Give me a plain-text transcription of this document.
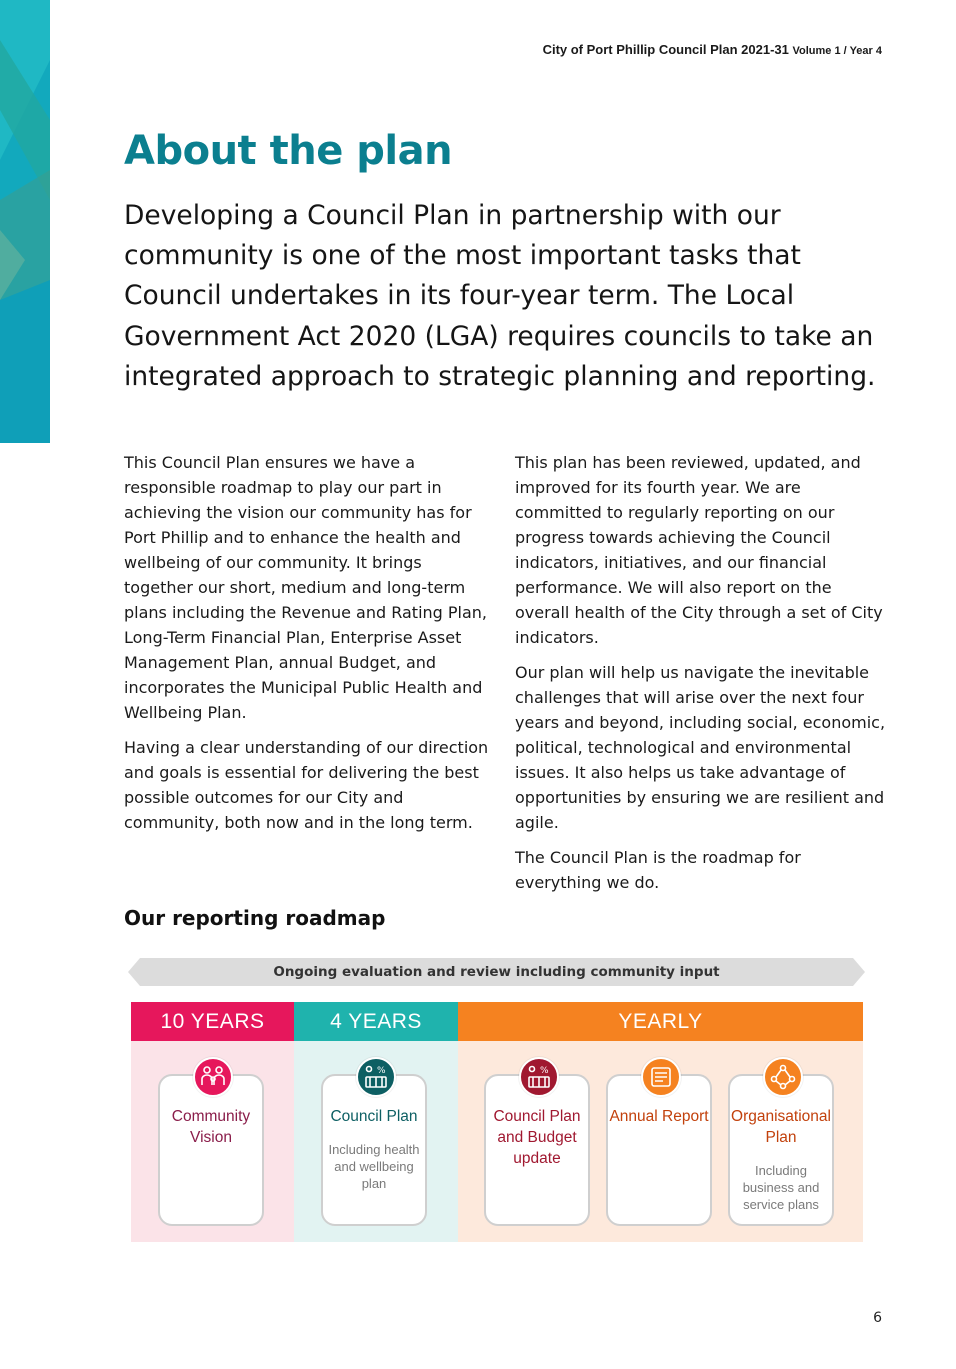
City of Port Phillip Council Plan 2021-31 Volume 1 / Year 4
About the plan

Developing a Council Plan in partnership with our community is one of the most important tasks that Council undertakes in its four-year term. The Local Government Act 2020 (LGA) requires councils to take an integrated approach to strategic planning and reporting.

This Council Plan ensures we have a responsible roadmap to play our part in achieving the vision our community has for Port Phillip and to enhance the health and wellbeing of our community. It brings together our short, medium and long-term plans including the Revenue and Rating Plan, Long-Term Financial Plan, Enterprise Asset Management Plan, annual Budget, and incorporates the Municipal Public Health and Wellbeing Plan.

Having a clear understanding of our direction and goals is essential for delivering the best possible outcomes for our City and community, both now and in the long term.

This plan has been reviewed, updated, and improved for its fourth year. We are committed to regularly reporting on our progress towards achieving the Council indicators, initiatives, and our financial performance. We will also report on the overall health of the City through a set of City indicators.

Our plan will help us navigate the inevitable challenges that will arise over the next four years and beyond, including social, economic, political, technological and environmental issues. It also helps us take advantage of opportunities by ensuring we are resilient and agile.

The Council Plan is the roadmap for everything we do.

Our reporting roadmap
Ongoing evaluation and review including community input
10 YEARS	4 YEARS	YEARLY
Community Vision
Council Plan
Including health and wellbeing plan
Council Plan and Budget update
Annual Report Organisational Plan
Including business and service plans
%	%
6
